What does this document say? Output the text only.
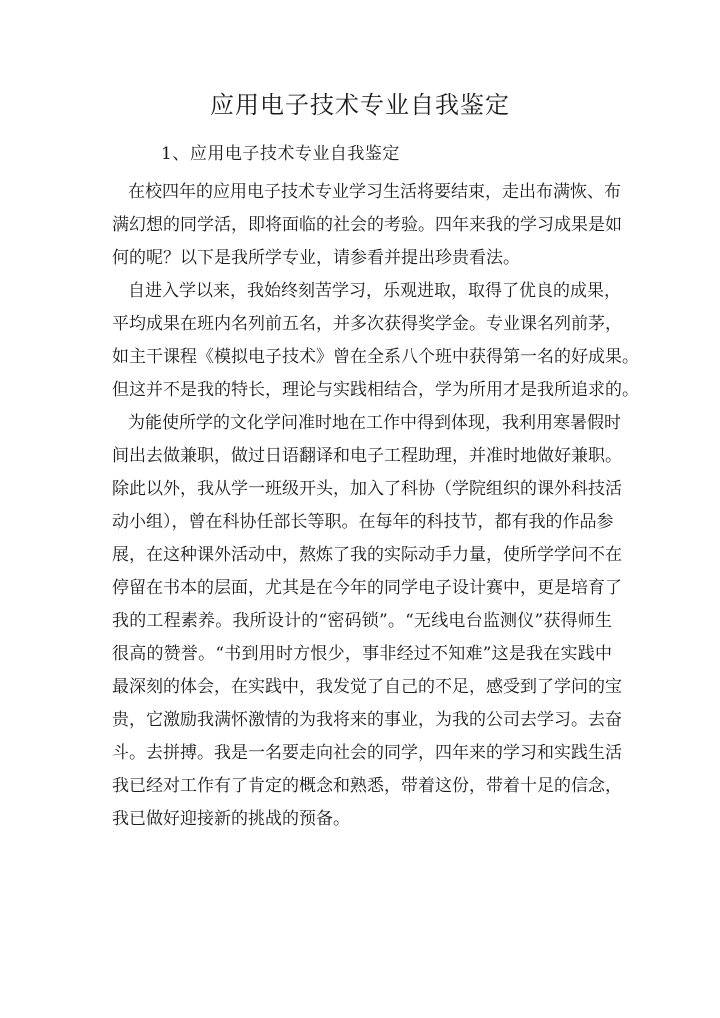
应用电子技术专业自我鉴定
1、应用电子技术专业自我鉴定
在校四年的应用电子技术专业学习生活将要结束，走出布满恢、布
满幻想的同学活，即将面临的社会的考验。四年来我的学习成果是如
何的呢？以下是我所学专业，请参看并提出珍贵看法。
自进入学以来，我始终刻苦学习，乐观进取，取得了优良的成果，
平均成果在班内名列前五名，并多次获得奖学金。专业课名列前茅，
如主干课程《模拟电子技术》曾在全系八个班中获得第一名的好成果。
但这并不是我的特长，理论与实践相结合，学为所用才是我所追求的。
为能使所学的文化学问准时地在工作中得到体现，我利用寒暑假时
间出去做兼职，做过日语翻译和电子工程助理，并准时地做好兼职。
除此以外，我从学一班级开头，加入了科协（学院组织的课外科技活
动小组），曾在科协任部长等职。在每年的科技节，都有我的作品参
展，在这种课外活动中，熬炼了我的实际动手力量，使所学学问不在
停留在书本的层面，尤其是在今年的同学电子设计赛中，更是培育了
我的工程素养。我所设计的“密码锁”。“无线电台监测仪”获得师生
很高的赞誉。“书到用时方恨少，事非经过不知难”这是我在实践中
最深刻的体会，在实践中，我发觉了自己的不足，感受到了学问的宝
贵，它激励我满怀激情的为我将来的事业，为我的公司去学习。去奋
斗。去拼搏。我是一名要走向社会的同学，四年来的学习和实践生活
我已经对工作有了肯定的概念和熟悉，带着这份，带着十足的信念，
我已做好迎接新的挑战的预备。
